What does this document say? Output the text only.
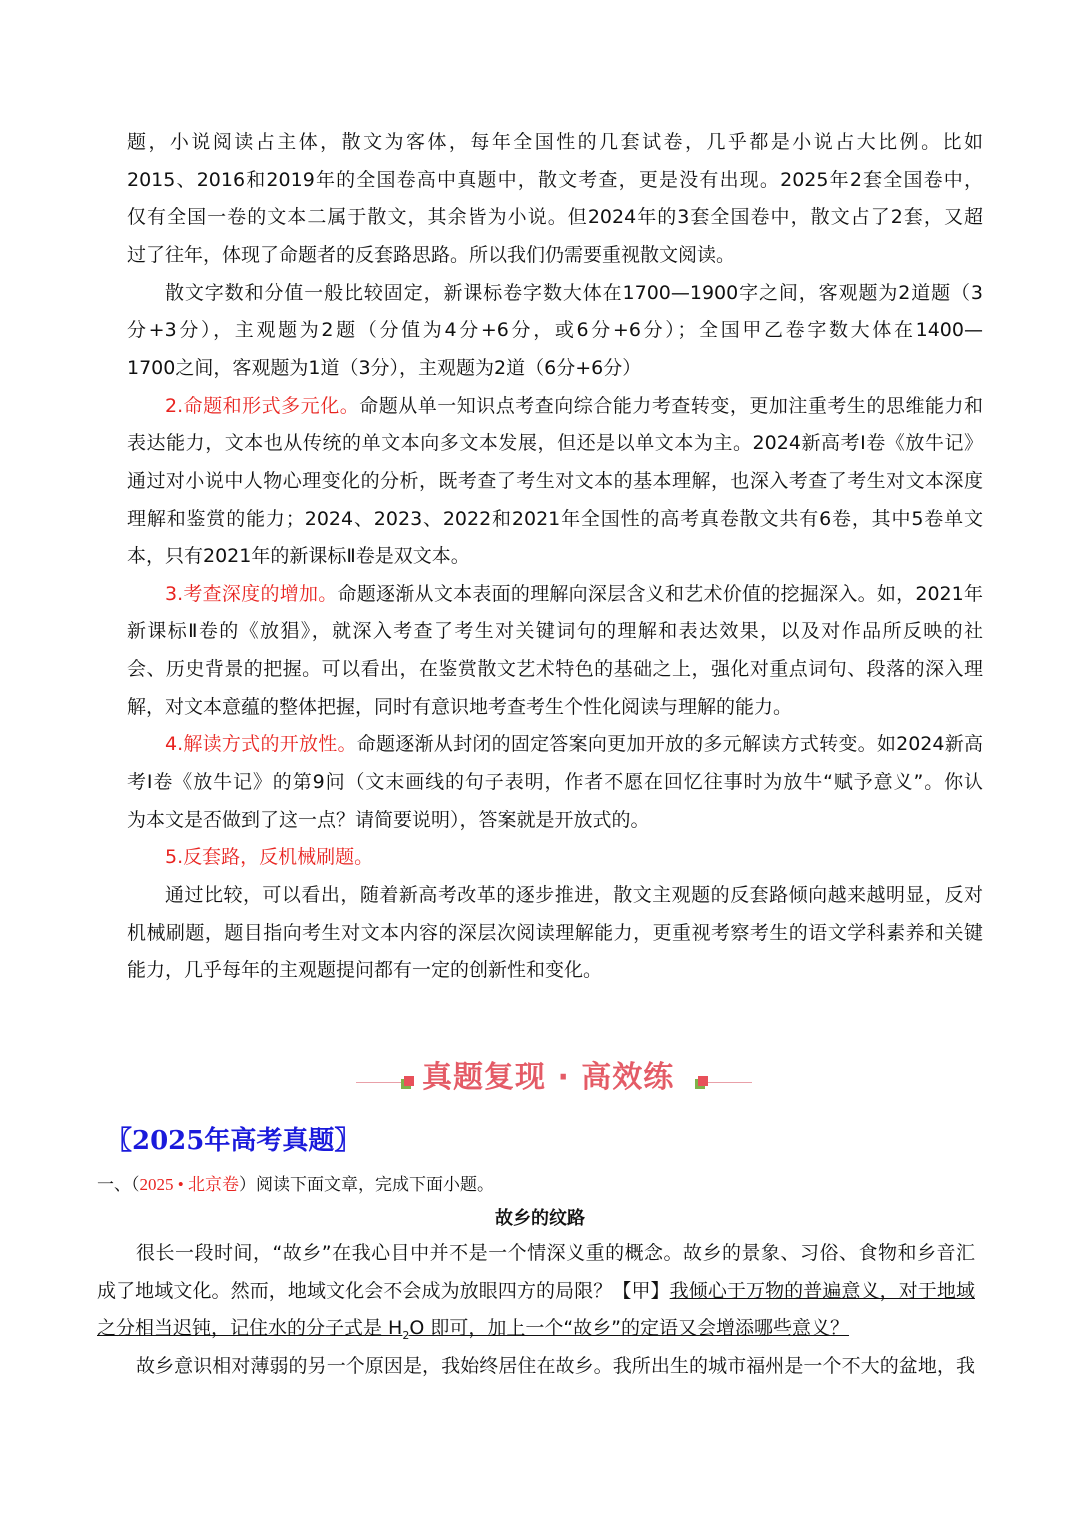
题，小说阅读占主体，散文为客体，每年全国性的几套试卷，几乎都是小说占大比例。比如
2015、2016和2019年的全国卷高中真题中，散文考查，更是没有出现。2025年2套全国卷中，
仅有全国一卷的文本二属于散文，其余皆为小说。但2024年的3套全国卷中，散文占了2套，又超
过了往年，体现了命题者的反套路思路。所以我们仍需要重视散文阅读。
散文字数和分值一般比较固定，新课标卷字数大体在1700—1900字之间，客观题为2道题（3
分+3分），主观题为2题（分值为4分+6分，或6分+6分）；全国甲乙卷字数大体在1400—
1700之间，客观题为1道（3分），主观题为2道（6分+6分）
2.命题和形式多元化。命题从单一知识点考查向综合能力考查转变，更加注重考生的思维能力和
表达能力，文本也从传统的单文本向多文本发展，但还是以单文本为主。2024新高考Ⅰ卷《放牛记》
通过对小说中人物心理变化的分析，既考查了考生对文本的基本理解，也深入考查了考生对文本深度
理解和鉴赏的能力；2024、2023、2022和2021年全国性的高考真卷散文共有6卷，其中5卷单文
本，只有2021年的新课标Ⅱ卷是双文本。
3.考查深度的增加。命题逐渐从文本表面的理解向深层含义和艺术价值的挖掘深入。如，2021年
新课标Ⅱ卷的《放猖》，就深入考查了考生对关键词句的理解和表达效果，以及对作品所反映的社
会、历史背景的把握。可以看出，在鉴赏散文艺术特色的基础之上，强化对重点词句、段落的深入理
解，对文本意蕴的整体把握，同时有意识地考查考生个性化阅读与理解的能力。
4.解读方式的开放性。命题逐渐从封闭的固定答案向更加开放的多元解读方式转变。如2024新高
考Ⅰ卷《放牛记》的第9问（文末画线的句子表明，作者不愿在回忆往事时为放牛“赋予意义”。你认
为本文是否做到了这一点？请简要说明），答案就是开放式的。
5.反套路，反机械刷题。
通过比较，可以看出，随着新高考改革的逐步推进，散文主观题的反套路倾向越来越明显，反对
机械刷题，题目指向考生对文本内容的深层次阅读理解能力，更重视考察考生的语文学科素养和关键
能力，几乎每年的主观题提问都有一定的创新性和变化。
真题复现 · 高效练
〖2025年高考真题〗
一、（2025 • 北京卷）阅读下面文章，完成下面小题。
故乡的纹路
很长一段时间，“故乡”在我心目中并不是一个情深义重的概念。故乡的景象、习俗、食物和乡音汇
成了地域文化。然而，地域文化会不会成为放眼四方的局限？【甲】我倾心于万物的普遍意义，对于地域
之分相当迟钝，记住水的分子式是 $H_2O$ 即可，加上一个“故乡”的定语又会增添哪些意义？
故乡意识相对薄弱的另一个原因是，我始终居住在故乡。我所出生的城市福州是一个不大的盆地，我
